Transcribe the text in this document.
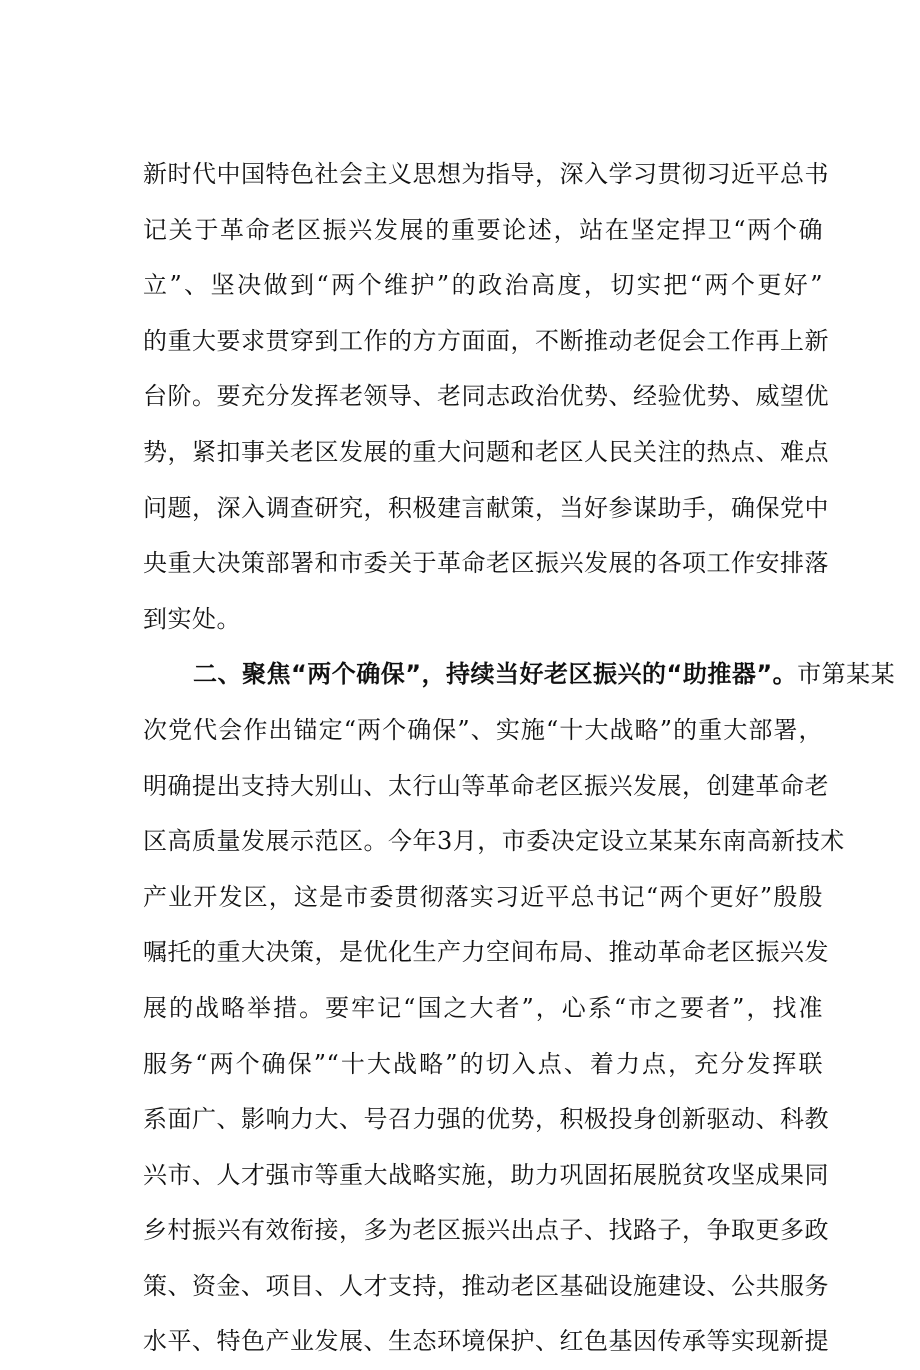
新时代中国特色社会主义思想为指导，深入学习贯彻习近平总书
记关于革命老区振兴发展的重要论述，站在坚定捍卫“两个确
立”、坚决做到“两个维护”的政治高度，切实把“两个更好”
的重大要求贯穿到工作的方方面面，不断推动老促会工作再上新
台阶。要充分发挥老领导、老同志政治优势、经验优势、威望优
势，紧扣事关老区发展的重大问题和老区人民关注的热点、难点
问题，深入调查研究，积极建言献策，当好参谋助手，确保党中
央重大决策部署和市委关于革命老区振兴发展的各项工作安排落
到实处。
二、聚焦“两个确保”，持续当好老区振兴的“助推器”。市第某某
次党代会作出锚定“两个确保”、实施“十大战略”的重大部署，
明确提出支持大别山、太行山等革命老区振兴发展，创建革命老
区高质量发展示范区。今年3月，市委决定设立某某东南高新技术
产业开发区，这是市委贯彻落实习近平总书记“两个更好”殷殷
嘱托的重大决策，是优化生产力空间布局、推动革命老区振兴发
展的战略举措。要牢记“国之大者”，心系“市之要者”，找准
服务“两个确保”“十大战略”的切入点、着力点，充分发挥联
系面广、影响力大、号召力强的优势，积极投身创新驱动、科教
兴市、人才强市等重大战略实施，助力巩固拓展脱贫攻坚成果同
乡村振兴有效衔接，多为老区振兴出点子、找路子，争取更多政
策、资金、项目、人才支持，推动老区基础设施建设、公共服务
水平、特色产业发展、生态环境保护、红色基因传承等实现新提
